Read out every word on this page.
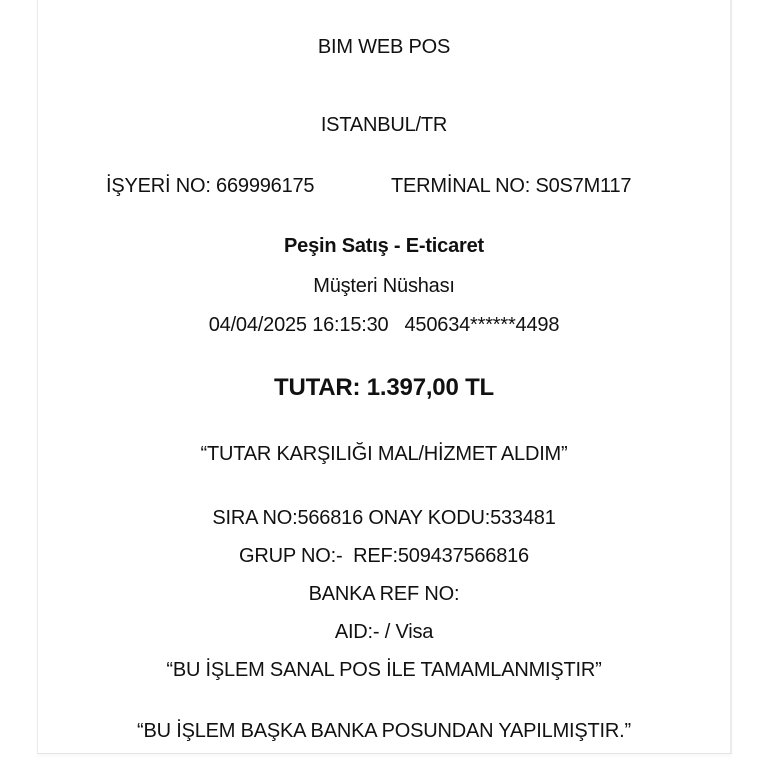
BIM WEB POS
ISTANBUL/TR
İŞYERİ NO: 669996175	TERMİNAL NO: S0S7M117
Peşin Satış - E-ticaret
Müşteri Nüshası
04/04/2025 16:15:30   450634******4498
TUTAR: 1.397,00 TL
“TUTAR KARŞILIĞI MAL/HİZMET ALDIM”
SIRA NO:566816 ONAY KODU:533481
GRUP NO:-  REF:509437566816
BANKA REF NO:
AID:- / Visa
“BU İŞLEM SANAL POS İLE TAMAMLANMIŞTIR”
“BU İŞLEM BAŞKA BANKA POSUNDAN YAPILMIŞTIR.”
